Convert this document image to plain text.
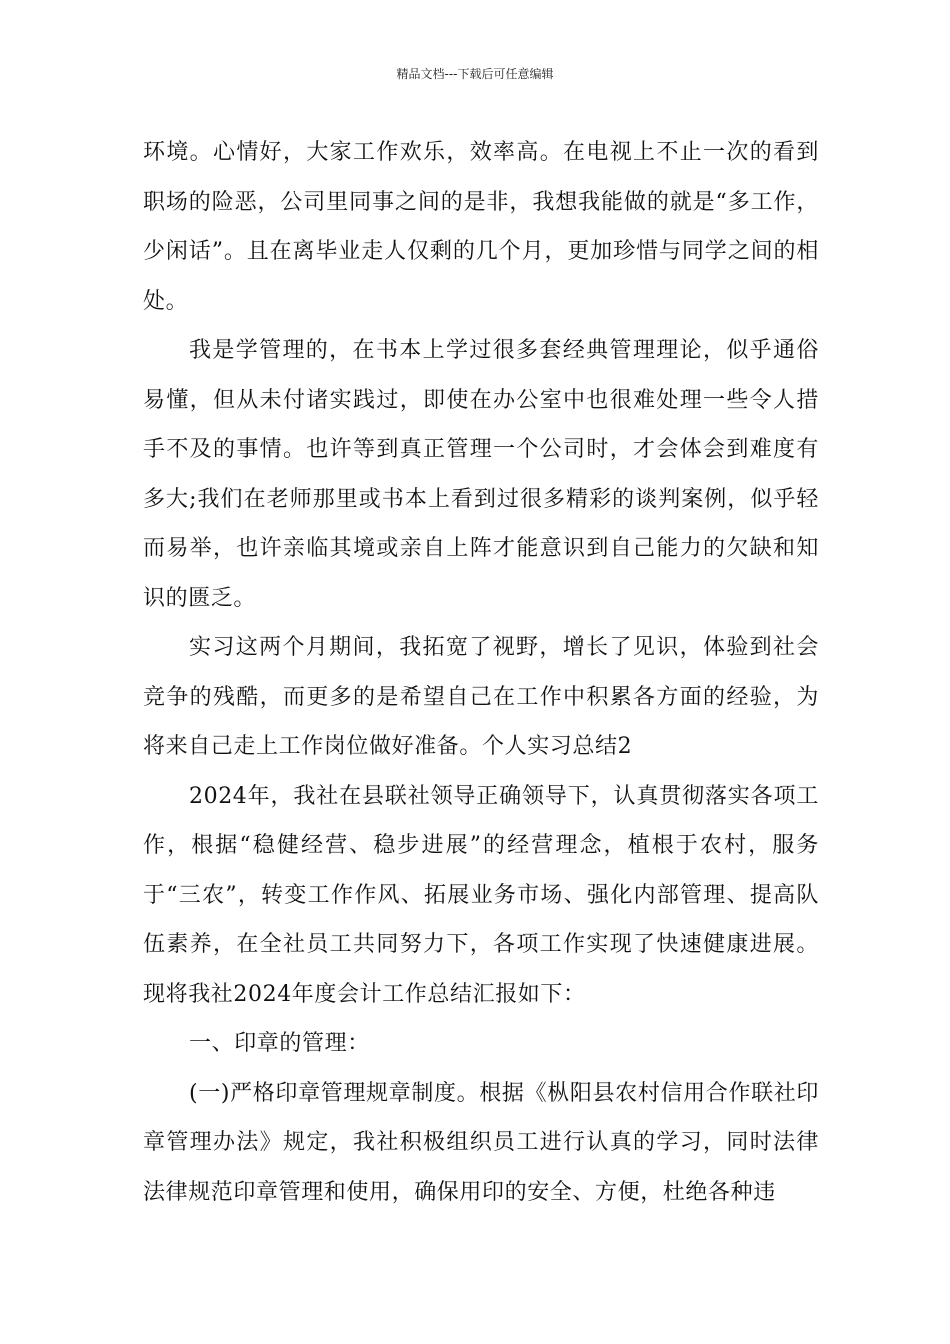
精品文档---下载后可任意编辑

环境。心情好，大家工作欢乐，效率高。在电视上不止一次的看到职场的险恶，公司里同事之间的是非，我想我能做的就是“多工作，少闲话”。且在离毕业走人仅剩的几个月，更加珍惜与同学之间的相处。

我是学管理的，在书本上学过很多套经典管理理论，似乎通俗易懂，但从未付诸实践过，即使在办公室中也很难处理一些令人措手不及的事情。也许等到真正管理一个公司时，才会体会到难度有多大;我们在老师那里或书本上看到过很多精彩的谈判案例，似乎轻而易举，也许亲临其境或亲自上阵才能意识到自己能力的欠缺和知识的匮乏。

实习这两个月期间，我拓宽了视野，增长了见识，体验到社会竞争的残酷，而更多的是希望自己在工作中积累各方面的经验，为将来自己走上工作岗位做好准备。个人实习总结2

2024年，我社在县联社领导正确领导下，认真贯彻落实各项工作，根据“稳健经营、稳步进展”的经营理念，植根于农村，服务于“三农”，转变工作作风、拓展业务市场、强化内部管理、提高队伍素养，在全社员工共同努力下，各项工作实现了快速健康进展。现将我社2024年度会计工作总结汇报如下：

一、印章的管理：

(一)严格印章管理规章制度。根据《枞阳县农村信用合作联社印章管理办法》规定，我社积极组织员工进行认真的学习，同时法律法律规范印章管理和使用，确保用印的安全、方便，杜绝各种违
